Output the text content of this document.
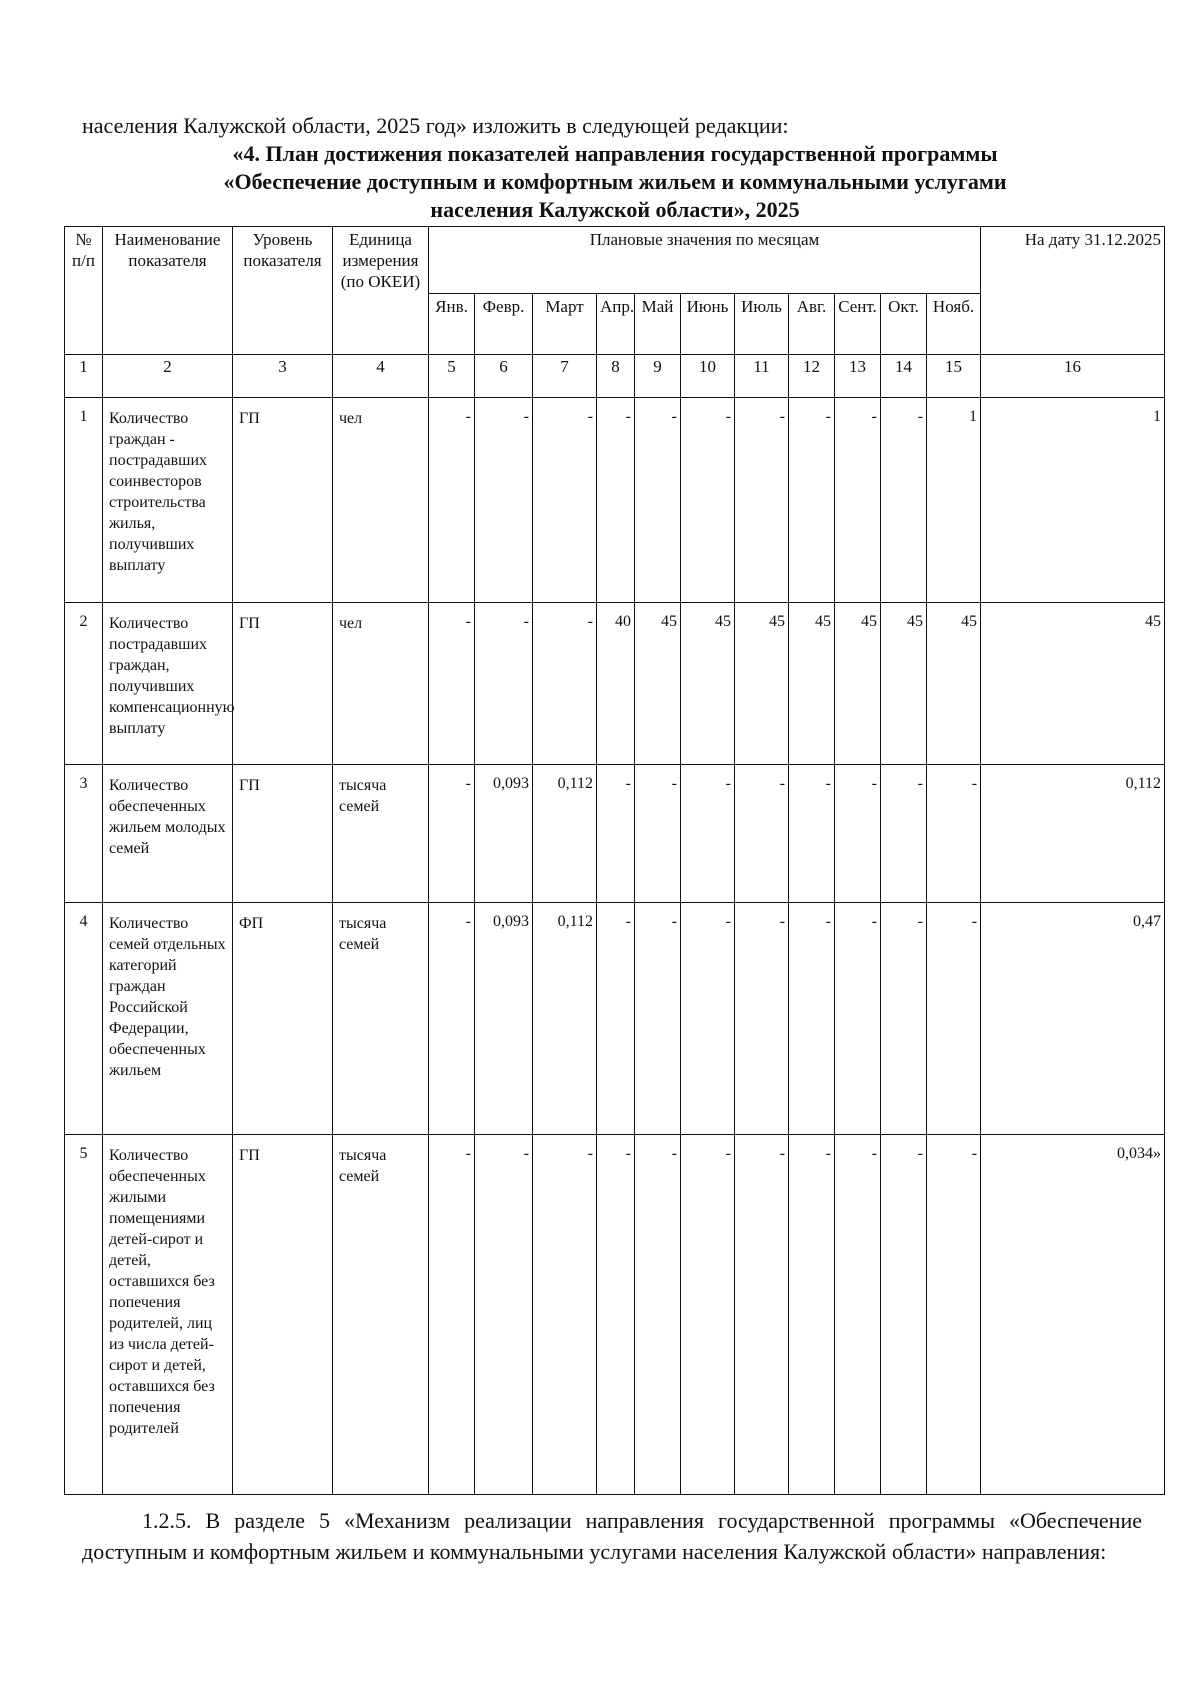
населения Калужской области, 2025 год» изложить в следующей редакции:

«4. План достижения показателей направления государственной программы
«Обеспечение доступным и комфортным жильем и коммунальными услугами
населения Калужской области», 2025
№ п/п	Наименование показателя	Уровень показателя	Единица измерения (по ОКЕИ)	Плановые значения по месяцам											На дату 31.12.2025
				Янв.	Февр.	Март	Апр.	Май	Июнь	Июль	Авг.	Сент.	Окт.	Нояб.	
1	2	3	4	5	6	7	8	9	10	11	12	13	14	15	16
1	Количество граждан - пострадавших соинвесторов строительства жилья, получивших выплату	ГП	чел	-	-	-	-	-	-	-	-	-	-	1	1
2	Количество пострадавших граждан, получивших компенсационную выплату	ГП	чел	-	-	-	40	45	45	45	45	45	45	45	45
3	Количество обеспеченных жильем молодых семей	ГП	тысяча семей	-	0,093	0,112	-	-	-	-	-	-	-	-	0,112
4	Количество семей отдельных категорий граждан Российской Федерации, обеспеченных жильем	ФП	тысяча семей	-	0,093	0,112	-	-	-	-	-	-	-	-	0,47
5	Количество обеспеченных жилыми помещениями детей-сирот и детей, оставшихся без попечения родителей, лиц из числа детей-сирот и детей, оставшихся без попечения родителей	ГП	тысяча семей	-	-	-	-	-	-	-	-	-	-	-	0,034»

1.2.5. В разделе 5 «Механизм реализации направления государственной программы «Обеспечение доступным и комфортным жильем и коммунальными услугами населения Калужской области» направления:
